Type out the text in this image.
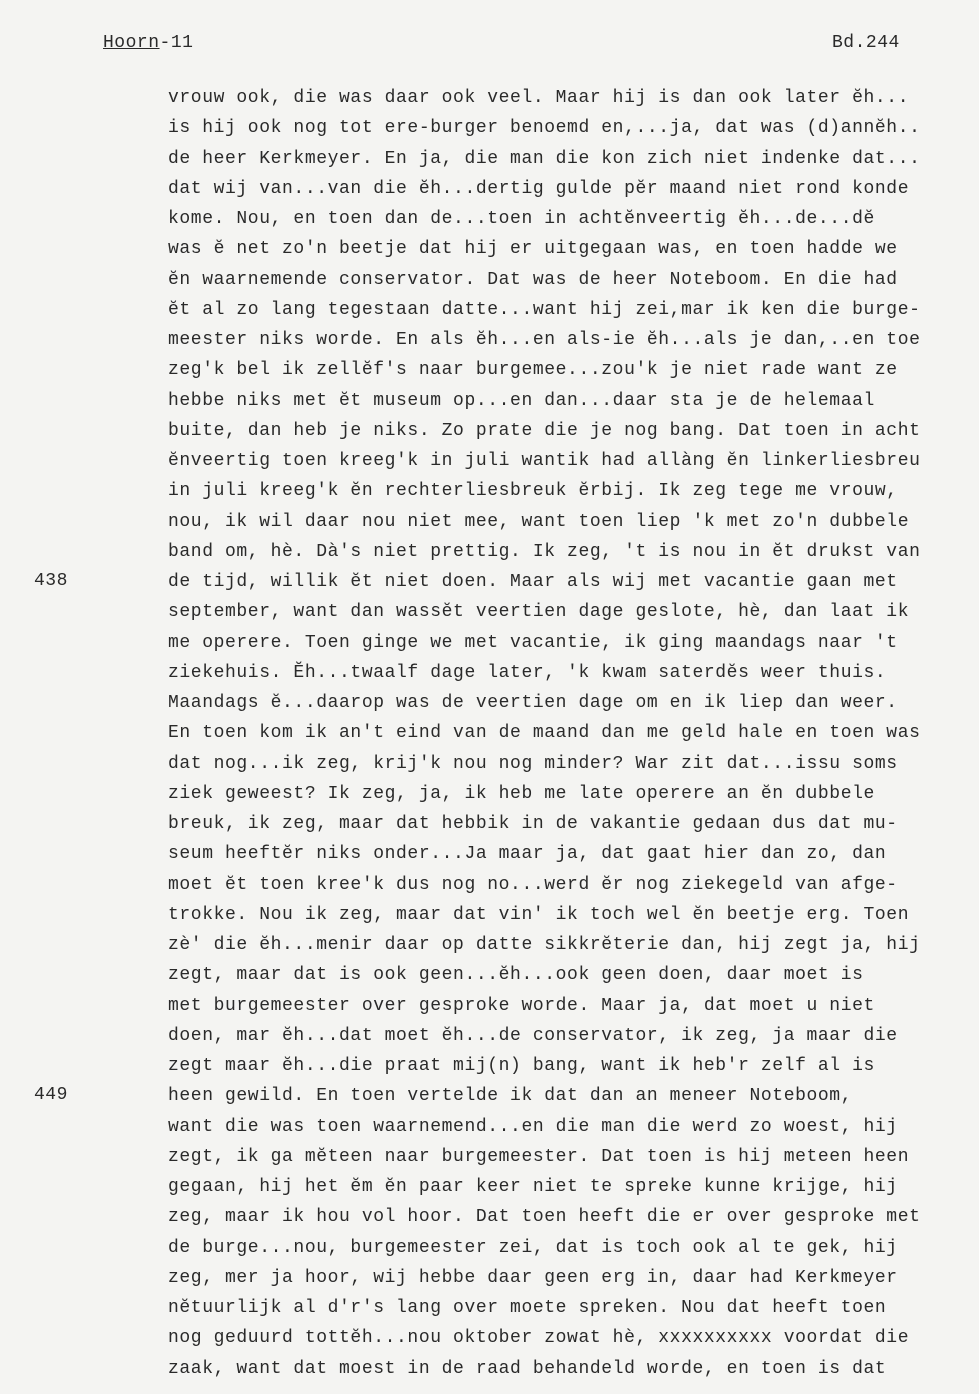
Hoorn-11	Bd.244
vrouw ook, die was daar ook veel. Maar hij is dan ook later ĕh...
is hij ook nog tot ere-burger benoemd en,...ja, dat was (d)annĕh..
de heer Kerkmeyer. En ja, die man die kon zich niet indenke dat...
dat wij van...van die ĕh...dertig gulde pĕr maand niet rond konde
kome. Nou, en toen dan de...toen in achtĕnveertig ĕh...de...dĕ
was ĕ net zo'n beetje dat hij er uitgegaan was, en toen hadde we
ĕn waarnemende conservator. Dat was de heer Noteboom. En die had
ĕt al zo lang tegestaan datte...want hij zei,mar ik ken die burge-
meester niks worde. En als ĕh...en als-ie ĕh...als je dan,..en toe
zeg'k bel ik zellĕf's naar burgemee...zou'k je niet rade want ze
hebbe niks met ĕt museum op...en dan...daar sta je de helemaal
buite, dan heb je niks. Zo prate die je nog bang. Dat toen in acht
ĕnveertig toen kreeg'k in juli wantik had allàng ĕn linkerliesbreu
in juli kreeg'k ĕn rechterliesbreuk ĕrbij. Ik zeg tege me vrouw,
nou, ik wil daar nou niet mee, want toen liep 'k met zo'n dubbele
band om, hè. Dà's niet prettig. Ik zeg, 't is nou in ĕt drukst van
de tijd, willik ĕt niet doen. Maar als wij met vacantie gaan met
september, want dan wassĕt veertien dage geslote, hè, dan laat ik
me operere. Toen ginge we met vacantie, ik ging maandags naar 't
ziekehuis. Ĕh...twaalf dage later, 'k kwam saterdĕs weer thuis.
Maandags ĕ...daarop was de veertien dage om en ik liep dan weer.
En toen kom ik an't eind van de maand dan me geld hale en toen was
dat nog...ik zeg, krij'k nou nog minder? War zit dat...issu soms
ziek geweest? Ik zeg, ja, ik heb me late operere an ĕn dubbele
breuk, ik zeg, maar dat hebbik in de vakantie gedaan dus dat mu-
seum heeftĕr niks onder...Ja maar ja, dat gaat hier dan zo, dan
moet ĕt toen kree'k dus nog no...werd ĕr nog ziekegeld van afge-
trokke. Nou ik zeg, maar dat vin' ik toch wel ĕn beetje erg. Toen
zè' die ĕh...menir daar op datte sikkrĕterie dan, hij zegt ja, hij
zegt, maar dat is ook geen...ĕh...ook geen doen, daar moet is
met burgemeester over gesproke worde. Maar ja, dat moet u niet
doen, mar ĕh...dat moet ĕh...de conservator, ik zeg, ja maar die
zegt maar ĕh...die praat mij(n) bang, want ik heb'r zelf al is
heen gewild. En toen vertelde ik dat dan an meneer Noteboom,
want die was toen waarnemend...en die man die werd zo woest, hij
zegt, ik ga mĕteen naar burgemeester. Dat toen is hij meteen heen
gegaan, hij het ĕm ĕn paar keer niet te spreke kunne krijge, hij
zeg, maar ik hou vol hoor. Dat toen heeft die er over gesproke met
de burge...nou, burgemeester zei, dat is toch ook al te gek, hij
zeg, mer ja hoor, wij hebbe daar geen erg in, daar had Kerkmeyer
nĕtuurlijk al d'r's lang over moete spreken. Nou dat heeft toen
nog geduurd tottĕh...nou oktober zowat hè, xxxxxxxxxx voordat die
zaak, want dat moest in de raad behandeld worde, en toen is dat
438
449
